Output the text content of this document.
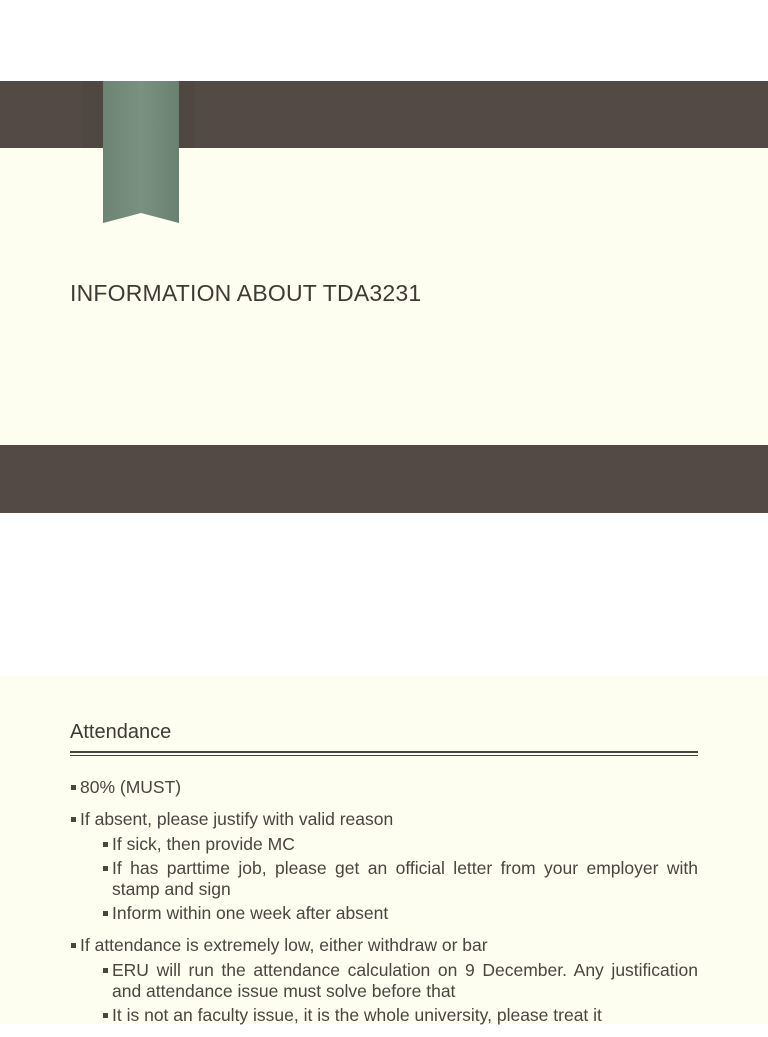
INFORMATION ABOUT TDA3231
Attendance
80% (MUST)
If absent, please justify with valid reason
If sick, then provide MC
If has parttime job, please get an official letter from your employer with stamp and sign
Inform within one week after absent
If attendance is extremely low, either withdraw or bar
ERU will run the attendance calculation on 9 December. Any justification and attendance issue must solve before that
It is not an faculty issue, it is the whole university, please treat it
